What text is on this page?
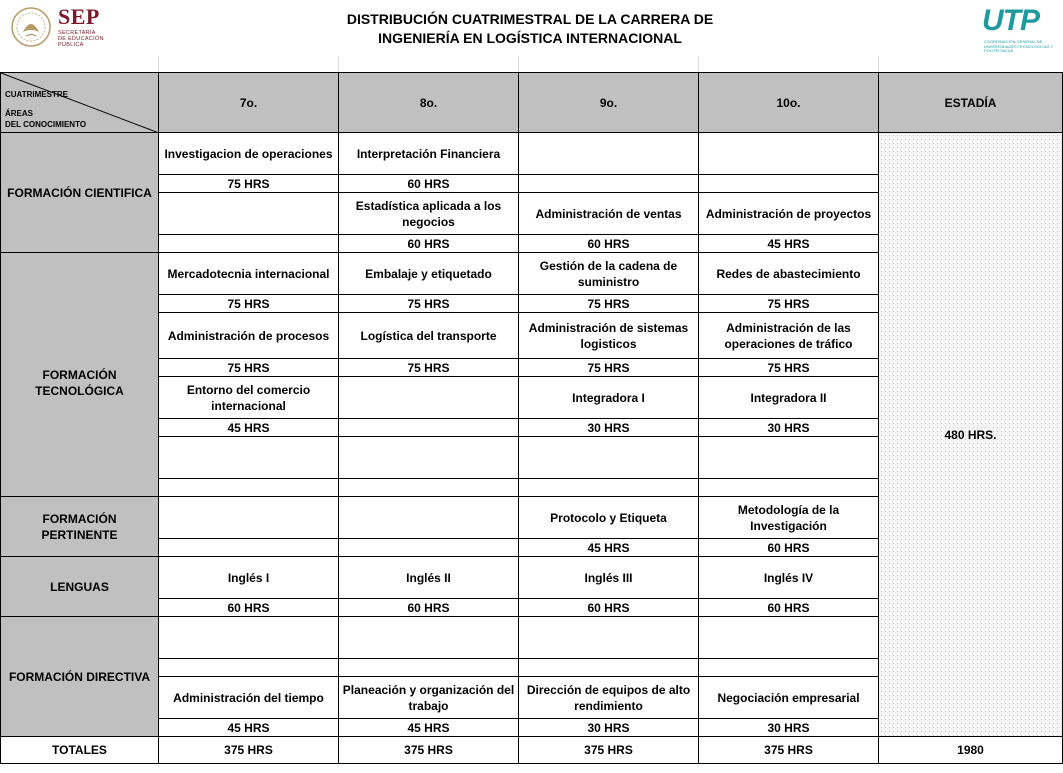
SEP
SECRETARÍA
DE EDUCACIÓN
PÚBLICA
DISTRIBUCIÓN CUATRIMESTRAL DE LA CARRERA DE
INGENIERÍA EN LOGÍSTICA INTERNACIONAL
UTP
COORDINACIÓN GENERAL DE UNIVERSIDADES TECNOLÓGICAS Y POLITÉCNICAS
CUATRIMESTRE
ÁREAS
DEL CONOCIMIENTO	7o.	8o.	9o.	10o.	ESTADÍA
FORMACIÓN CIENTIFICA	Investigacion de operaciones	Interpretación Financiera			480 HRS.
	75 HRS	60 HRS			
		Estadística aplicada a los negocios	Administración de ventas	Administración de proyectos	
		60 HRS	60 HRS	45 HRS	

FORMACIÓN
TECNOLÓGICA	Mercadotecnia internacional	Embalaje y etiquetado	Gestión de la cadena de suministro	Redes de abastecimiento	
	75 HRS	75 HRS	75 HRS	75 HRS	
	Administración de procesos	Logística del transporte	Administración de sistemas logisticos	Administración de las operaciones de tráfico	
	75 HRS	75 HRS	75 HRS	75 HRS	
	Entorno del comercio internacional		Integradora I	Integradora II	
	45 HRS		30 HRS	30 HRS	

FORMACIÓN PERTINENTE			Protocolo y Etiqueta	Metodología de la Investigación	
			45 HRS	60 HRS	
LENGUAS	Inglés I	Inglés II	Inglés III	Inglés IV	
	60 HRS	60 HRS	60 HRS	60 HRS	
FORMACIÓN DIRECTIVA					

	Administración del tiempo	Planeación y organización del trabajo	Dirección de equipos de alto rendimiento	Negociación empresarial	
	45 HRS	45 HRS	30 HRS	30 HRS	
TOTALES	375 HRS	375 HRS	375 HRS	375 HRS	1980
